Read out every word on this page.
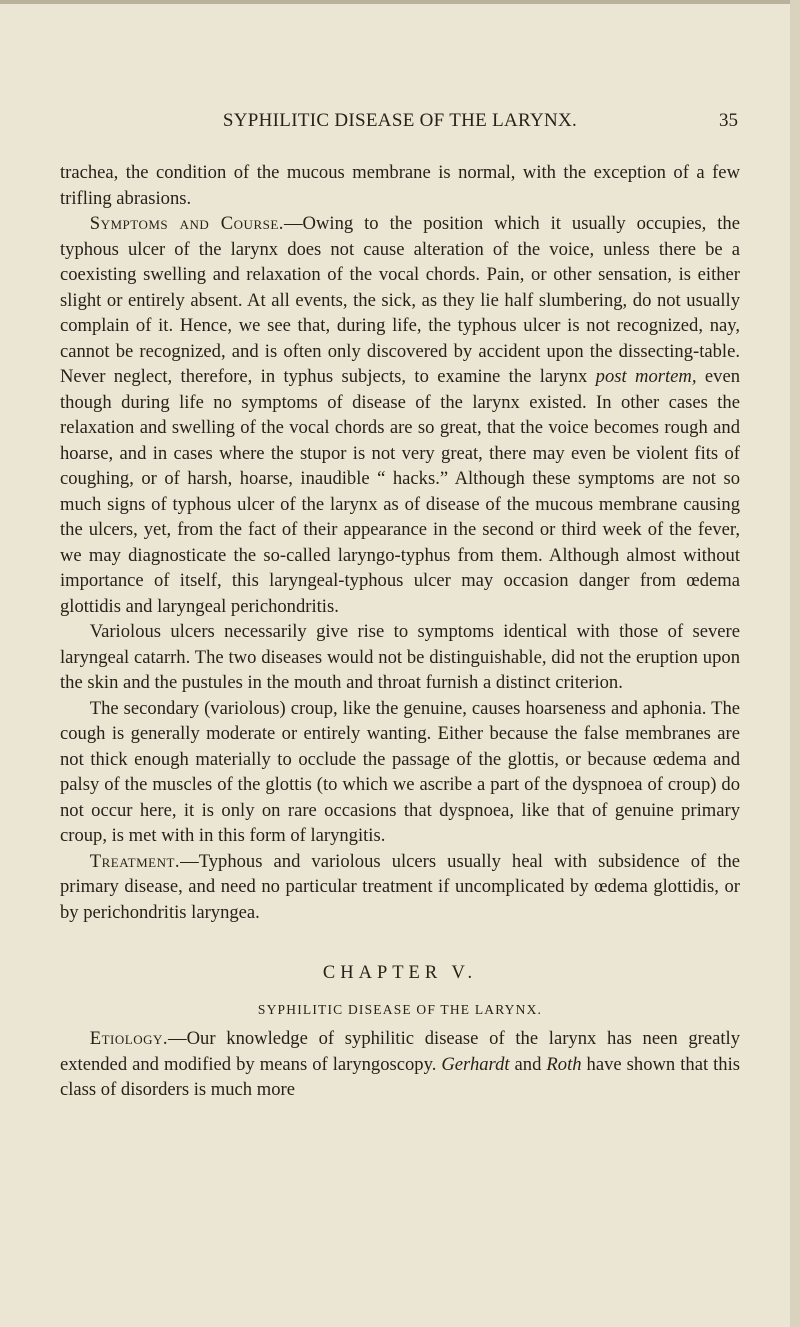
SYPHILITIC DISEASE OF THE LARYNX.	35

trachea, the condition of the mucous membrane is normal, with the exception of a few trifling abrasions.

Symptoms and Course.—Owing to the position which it usually occupies, the typhous ulcer of the larynx does not cause alteration of the voice, unless there be a coexisting swelling and relaxation of the vocal chords. Pain, or other sensation, is either slight or entirely absent. At all events, the sick, as they lie half slumbering, do not usually complain of it. Hence, we see that, during life, the typhous ulcer is not recognized, nay, cannot be recognized, and is often only discovered by accident upon the dissecting-table. Never neglect, therefore, in typhus subjects, to examine the larynx post mortem, even though during life no symptoms of disease of the larynx existed. In other cases the relaxation and swelling of the vocal chords are so great, that the voice becomes rough and hoarse, and in cases where the stupor is not very great, there may even be violent fits of coughing, or of harsh, hoarse, inaudible “ hacks.” Although these symptoms are not so much signs of typhous ulcer of the larynx as of disease of the mucous membrane causing the ulcers, yet, from the fact of their appearance in the second or third week of the fever, we may diagnosticate the so-called laryngo-typhus from them. Although almost without importance of itself, this laryngeal-typhous ulcer may occasion danger from œdema glottidis and laryngeal perichondritis.

Variolous ulcers necessarily give rise to symptoms identical with those of severe laryngeal catarrh. The two diseases would not be distinguishable, did not the eruption upon the skin and the pustules in the mouth and throat furnish a distinct criterion.

The secondary (variolous) croup, like the genuine, causes hoarseness and aphonia. The cough is generally moderate or entirely wanting. Either because the false membranes are not thick enough materially to occlude the passage of the glottis, or because œdema and palsy of the muscles of the glottis (to which we ascribe a part of the dyspnoea of croup) do not occur here, it is only on rare occasions that dyspnoea, like that of genuine primary croup, is met with in this form of laryngitis.

Treatment.—Typhous and variolous ulcers usually heal with subsidence of the primary disease, and need no particular treatment if uncomplicated by œdema glottidis, or by perichondritis laryngea.

CHAPTER V.
SYPHILITIC DISEASE OF THE LARYNX.

Etiology.—Our knowledge of syphilitic disease of the larynx has neen greatly extended and modified by means of laryngoscopy. Gerhardt and Roth have shown that this class of disorders is much more
